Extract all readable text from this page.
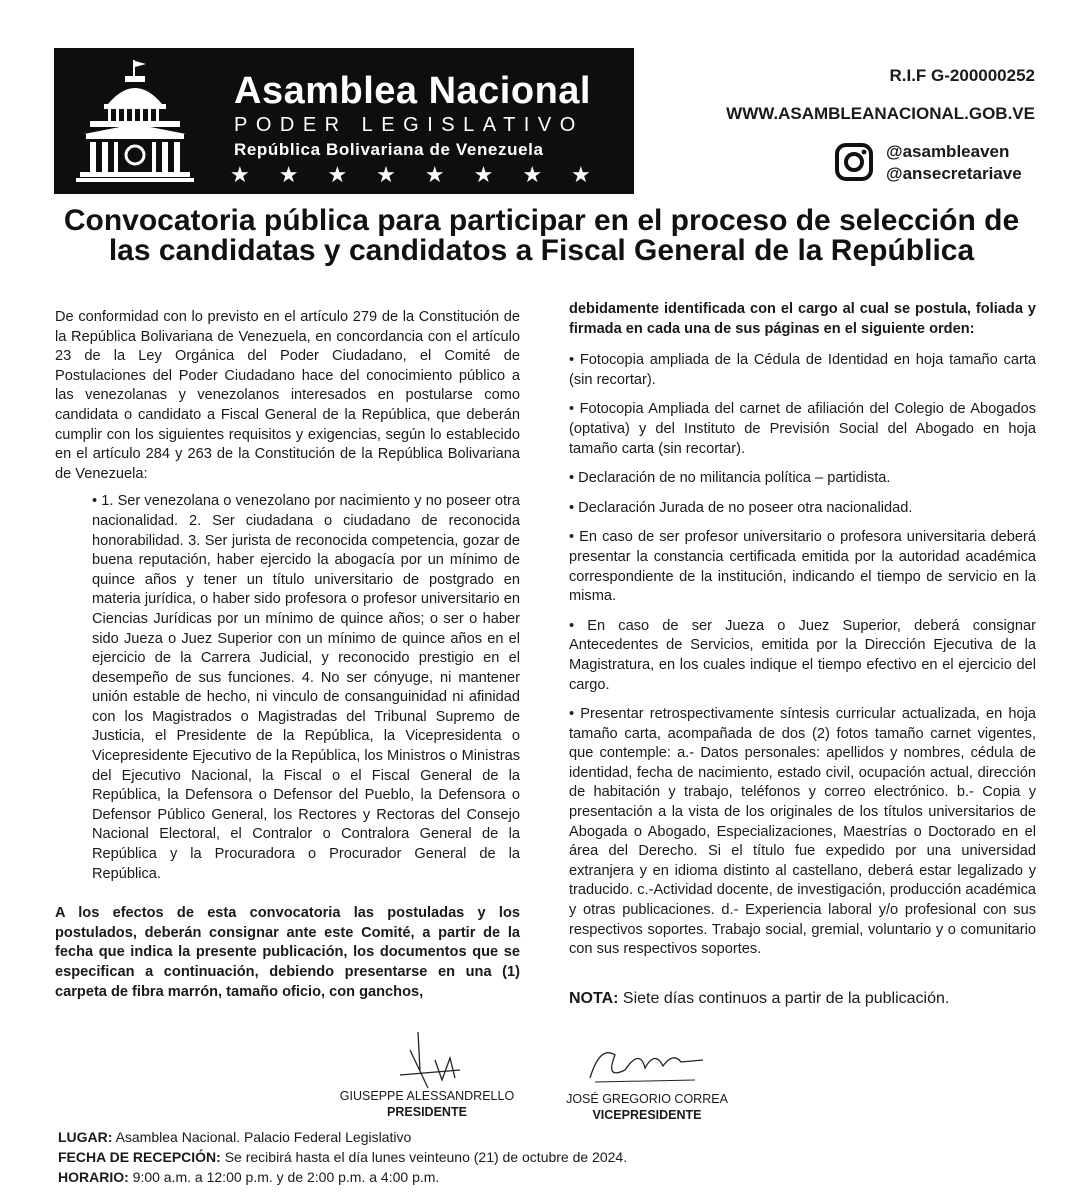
Asamblea Nacional
PODER LEGISLATIVO
República Bolivariana de Venezuela
★★★★★★★★
R.I.F G-200000252
WWW.ASAMBLEANACIONAL.GOB.VE
@asambleaven
@ansecretariave
Convocatoria pública para participar en el proceso de selección de las candidatas y candidatos a Fiscal General de la República

De conformidad con lo previsto en el artículo 279 de la Constitución de la República Bolivariana de Venezuela, en concordancia con el artículo 23 de la Ley Orgánica del Poder Ciudadano, el Comité de Postulaciones del Poder Ciudadano hace del conocimiento público a las venezolanas y venezolanos interesados en postularse como candidata o candidato a Fiscal General de la República, que deberán cumplir con los siguientes requisitos y exigencias, según lo establecido en el artículo 284 y 263 de la Constitución de la República Bolivariana de Venezuela:

• 1. Ser venezolana o venezolano por nacimiento y no poseer otra nacionalidad. 2. Ser ciudadana o ciudadano de reconocida honorabilidad. 3. Ser jurista de reconocida competencia, gozar de buena reputación, haber ejercido la abogacía por un mínimo de quince años y tener un título universitario de postgrado en materia jurídica, o haber sido profesora o profesor universitario en Ciencias Jurídicas por un mínimo de quince años; o ser o haber sido Jueza o Juez Superior con un mínimo de quince años en el ejercicio de la Carrera Judicial, y reconocido prestigio en el desempeño de sus funciones. 4. No ser cónyuge, ni mantener unión estable de hecho, ni vinculo de consanguinidad ni afinidad con los Magistrados o Magistradas del Tribunal Supremo de Justicia, el Presidente de la República, la Vicepresidenta o Vicepresidente Ejecutivo de la República, los Ministros o Ministras del Ejecutivo Nacional, la Fiscal o el Fiscal General de la República, la Defensora o Defensor del Pueblo, la Defensora o Defensor Público General, los Rectores y Rectoras del Consejo Nacional Electoral, el Contralor o Contralora General de la República y la Procuradora o Procurador General de la República.

A los efectos de esta convocatoria las postuladas y los postulados, deberán consignar ante este Comité, a partir de la fecha que indica la presente publicación, los documentos que se especifican a continuación, debiendo presentarse en una (1) carpeta de fibra marrón, tamaño oficio, con ganchos,

debidamente identificada con el cargo al cual se postula, foliada y firmada en cada una de sus páginas en el siguiente orden:

• Fotocopia ampliada de la Cédula de Identidad en hoja tamaño carta (sin recortar).
• Fotocopia Ampliada del carnet de afiliación del Colegio de Abogados (optativa) y del Instituto de Previsión Social del Abogado en hoja tamaño carta (sin recortar).
• Declaración de no militancia política – partidista.
• Declaración Jurada de no poseer otra nacionalidad.
• En caso de ser profesor universitario o profesora universitaria deberá presentar la constancia certificada emitida por la autoridad académica correspondiente de la institución, indicando el tiempo de servicio en la misma.
• En caso de ser Jueza o Juez Superior, deberá consignar Antecedentes de Servicios, emitida por la Dirección Ejecutiva de la Magistratura, en los cuales indique el tiempo efectivo en el ejercicio del cargo.
• Presentar retrospectivamente síntesis curricular actualizada, en hoja tamaño carta, acompañada de dos (2) fotos tamaño carnet vigentes, que contemple: a.- Datos personales: apellidos y nombres, cédula de identidad, fecha de nacimiento, estado civil, ocupación actual, dirección de habitación y trabajo, teléfonos y correo electrónico. b.- Copia y presentación a la vista de los originales de los títulos universitarios de Abogada o Abogado, Especializaciones, Maestrías o Doctorado en el área del Derecho. Si el título fue expedido por una universidad extranjera y en idioma distinto al castellano, deberá estar legalizado y traducido. c.-Actividad docente, de investigación, producción académica y otras publicaciones. d.- Experiencia laboral y/o profesional con sus respectivos soportes. Trabajo social, gremial, voluntario y o comunitario con sus respectivos soportes.
NOTA: Siete días continuos a partir de la publicación.
GIUSEPPE ALESSANDRELLO
PRESIDENTE
JOSÉ GREGORIO CORREA
VICEPRESIDENTE
LUGAR: Asamblea Nacional. Palacio Federal Legislativo
FECHA DE RECEPCIÓN: Se recibirá hasta el día lunes veinteuno (21) de octubre de 2024.
HORARIO: 9:00 a.m. a 12:00 p.m. y de 2:00 p.m. a 4:00 p.m.
